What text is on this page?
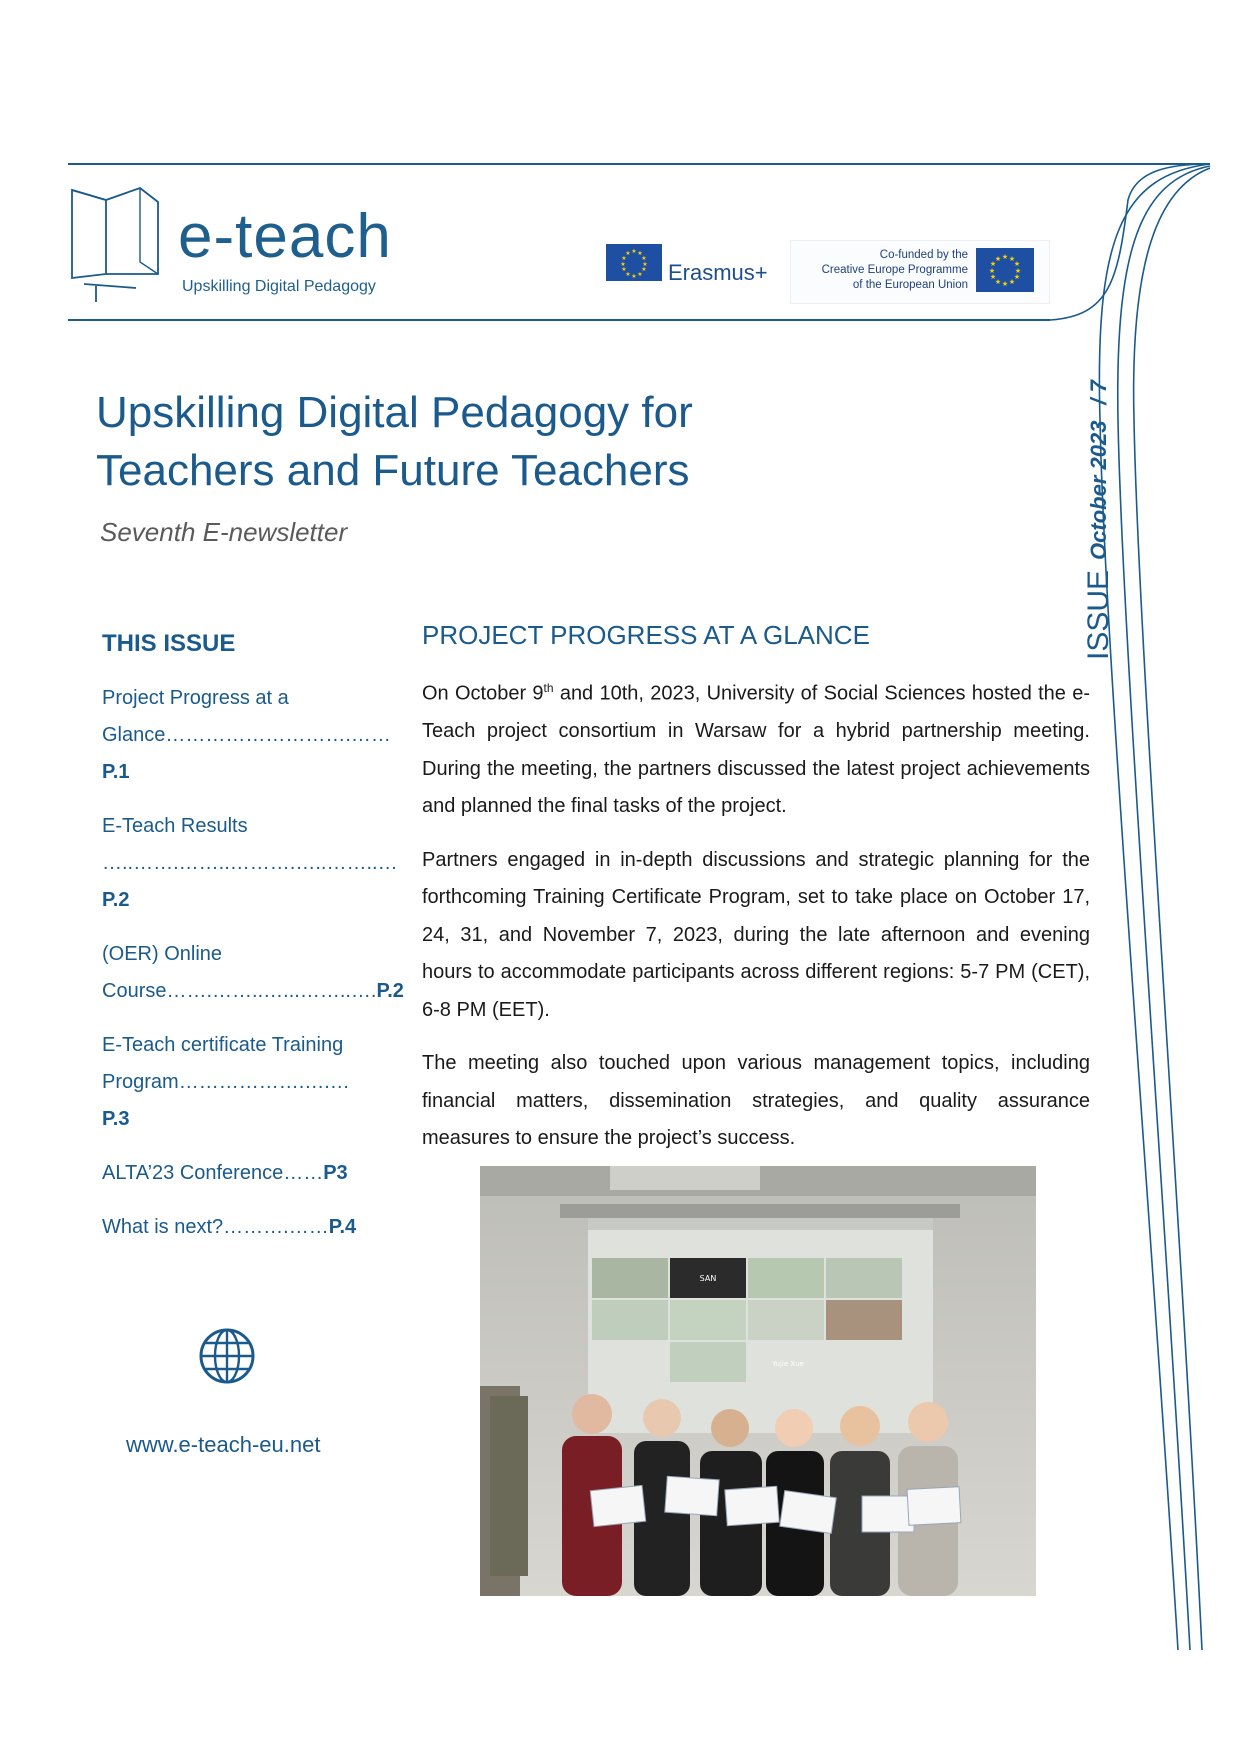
e-teach
Upskilling Digital Pedagogy
★ ★
★
★
★
★
★
★
★
★
★
★
Erasmus+
Co-funded by the
Creative Europe Programme
of the European Union
★ ★
★
★
★
★
★
★
★
★
★
★
Upskilling Digital Pedagogy for
Teachers and Future Teachers
Seventh E-newsletter
ISSUEOctober 2023/ 7
THIS ISSUE
Project Progress at a Glance……………………….……P.1
E-Teach Results …..…….……..……….…..……..…P.2
(OER) Online Course…….……..…...……..….P.2
E-Teach certificate Training Program……………….….…P.3
ALTA’23 Conference……P3
What is next?……….……P.4
www.e-teach-eu.net
PROJECT PROGRESS AT A GLANCE

On October 9th and 10th, 2023, University of Social Sciences hosted the e-Teach project consortium in Warsaw for a hybrid partnership meeting. During the meeting, the partners discussed the latest project achievements and planned the final tasks of the project.

Partners engaged in in-depth discussions and strategic planning for the forthcoming Training Certificate Program, set to take place on October 17, 24, 31, and November 7, 2023, during the late afternoon and evening hours to accommodate participants across different regions: 5-7 PM (CET), 6-8 PM (EET).

The meeting also touched upon various management topics, including financial matters, dissemination strategies, and quality assurance measures to ensure the project’s success.

SAN
Yujie Xue
